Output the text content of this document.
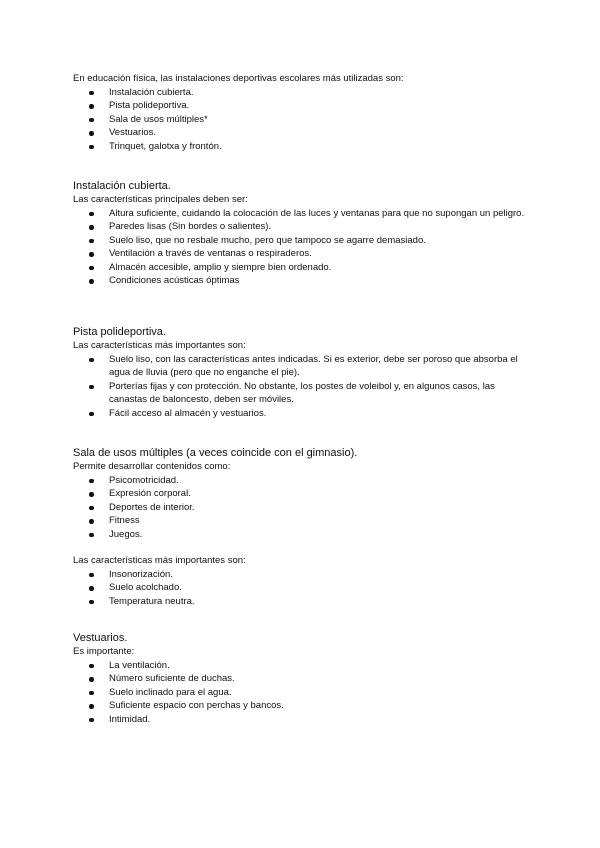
En educación física, las instalaciones deportivas escolares más utilizadas son:

Instalación cubierta.
Pista polideportiva.
Sala de usos múltiples*
Vestuarios.
Trinquet, galotxa y frontón.

Instalación cubierta.

Las características principales deben ser:

Altura suficiente, cuidando la colocación de las luces y ventanas para que no supongan un peligro.
Paredes lisas (Sin bordes o salientes).
Suelo liso, que no resbale mucho, pero que tampoco se agarre demasiado.
Ventilación a través de ventanas o respiraderos.
Almacén accesible, amplio y siempre bien ordenado.
Condiciones acústicas óptimas

Pista polideportiva.

Las características más importantes son:

Suelo liso, con las características antes indicadas. Si es exterior, debe ser poroso que absorba el agua de lluvia (pero que no enganche el pie).
Porterías fijas y con protección. No obstante, los postes de voleibol y, en algunos casos, las canastas de baloncesto, deben ser móviles.
Fácil acceso al almacén y vestuarios.

Sala de usos múltiples (a veces coincide con el gimnasio).

Permite desarrollar contenidos como:

Psicomotricidad.
Expresión corporal.
Deportes de interior.
Fitness
Juegos.

Las características más importantes son:

Insonorización.
Suelo acolchado.
Temperatura neutra.

Vestuarios.

Es importante:

La ventilación.
Número suficiente de duchas.
Suelo inclinado para el agua.
Suficiente espacio con perchas y bancos.
Intimidad.
